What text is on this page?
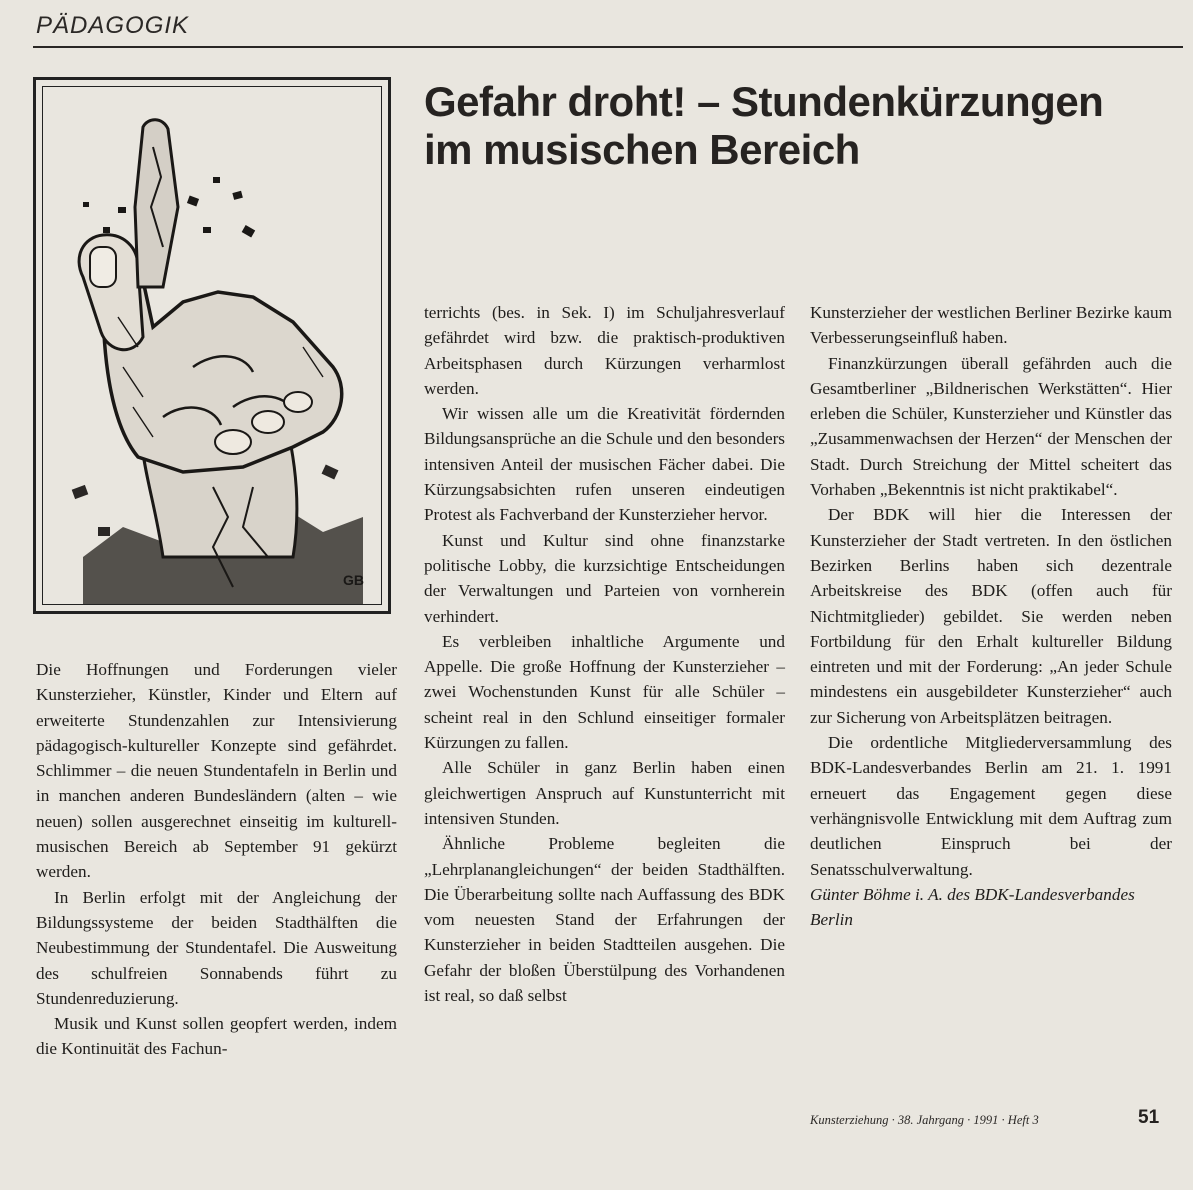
PÄDAGOGIK
GB
Gefahr droht! – Stundenkürzungen
im musischen Bereich

Die Hoffnungen und Forderungen vieler Kunsterzieher, Künstler, Kinder und Eltern auf erweiterte Stundenzahlen zur Intensivierung pädagogisch-kultureller Konzepte sind gefährdet. Schlimmer – die neuen Stundentafeln in Berlin und in manchen anderen Bundesländern (alten – wie neuen) sollen ausgerechnet einseitig im kulturell-musischen Bereich ab September 91 gekürzt werden.

In Berlin erfolgt mit der Angleichung der Bildungssysteme der beiden Stadthälften die Neubestimmung der Stundentafel. Die Ausweitung des schulfreien Sonnabends führt zu Stundenreduzierung.

Musik und Kunst sollen geopfert werden, indem die Kontinuität des Fachun-

terrichts (bes. in Sek. I) im Schuljahresverlauf gefährdet wird bzw. die praktisch-produktiven Arbeitsphasen durch Kürzungen verharmlost werden.

Wir wissen alle um die Kreativität fördernden Bildungsansprüche an die Schule und den besonders intensiven Anteil der musischen Fächer dabei. Die Kürzungsabsichten rufen unseren eindeutigen Protest als Fachverband der Kunsterzieher hervor.

Kunst und Kultur sind ohne finanzstarke politische Lobby, die kurzsichtige Entscheidungen der Verwaltungen und Parteien von vornherein verhindert.

Es verbleiben inhaltliche Argumente und Appelle. Die große Hoffnung der Kunsterzieher – zwei Wochenstunden Kunst für alle Schüler – scheint real in den Schlund einseitiger formaler Kürzungen zu fallen.

Alle Schüler in ganz Berlin haben einen gleichwertigen Anspruch auf Kunstunterricht mit intensiven Stunden.

Ähnliche Probleme begleiten die „Lehrplanangleichungen“ der beiden Stadthälften. Die Überarbeitung sollte nach Auffassung des BDK vom neuesten Stand der Erfahrungen der Kunsterzieher in beiden Stadtteilen ausgehen. Die Gefahr der bloßen Überstülpung des Vorhandenen ist real, so daß selbst

Kunsterzieher der westlichen Berliner Bezirke kaum Verbesserungseinfluß haben.

Finanzkürzungen überall gefährden auch die Gesamtberliner „Bildnerischen Werkstätten“. Hier erleben die Schüler, Kunsterzieher und Künstler das „Zusammenwachsen der Herzen“ der Menschen der Stadt. Durch Streichung der Mittel scheitert das Vorhaben „Bekenntnis ist nicht praktikabel“.

Der BDK will hier die Interessen der Kunsterzieher der Stadt vertreten. In den östlichen Bezirken Berlins haben sich dezentrale Arbeitskreise des BDK (offen auch für Nichtmitglieder) gebildet. Sie werden neben Fortbildung für den Erhalt kultureller Bildung eintreten und mit der Forderung: „An jeder Schule mindestens ein ausgebildeter Kunsterzieher“ auch zur Sicherung von Arbeitsplätzen beitragen.

Die ordentliche Mitgliederversammlung des BDK-Landesverbandes Berlin am 21. 1. 1991 erneuert das Engagement gegen diese verhängnisvolle Entwicklung mit dem Auftrag zum deutlichen Einspruch bei der Senatsschulverwaltung.

Günter Böhme i. A. des BDK-Landesverbandes Berlin

Kunsterziehung · 38. Jahrgang · 1991 · Heft 3	51
